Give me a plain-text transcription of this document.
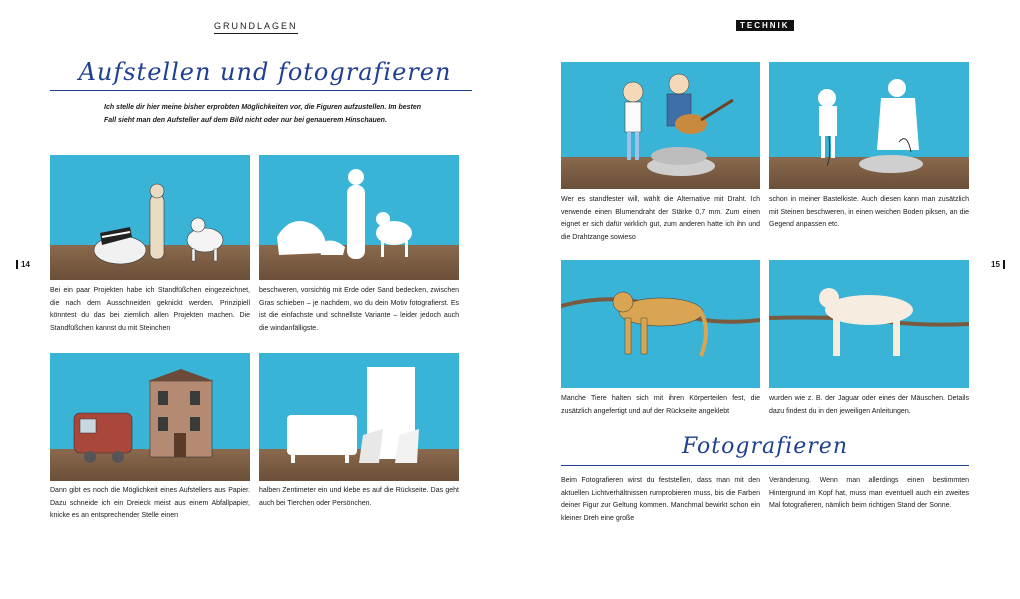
GRUNDLAGEN	TECHNIK
14	15
Aufstellen und fotografieren
Ich stelle dir hier meine bisher erprobten Möglichkeiten vor, die Figuren aufzustellen. Im besten Fall sieht man den Aufsteller auf dem Bild nicht oder nur bei genauerem Hinschauen.
Bei ein paar Projekten habe ich Standfüßchen eingezeichnet, die nach dem Ausschneiden geknickt werden. Prinzipiell könntest du das bei ziemlich allen Projekten machen. Die Standfüßchen kannst du mit Steinchen
beschweren, vorsichtig mit Erde oder Sand bedecken, zwischen Gras schieben – je nachdem, wo du dein Motiv fotografierst. Es ist die einfachste und schnellste Variante – leider jedoch auch die windanfälligste.
Dann gibt es noch die Möglichkeit eines Aufstellers aus Papier. Dazu schneide ich ein Dreieck meist aus einem Abfallpapier, knicke es an entsprechender Stelle einen
halben Zentimeter ein und klebe es auf die Rückseite. Das geht auch bei Tierchen oder Persönchen.
Wer es standfester will, wählt die Alternative mit Draht. Ich verwende einen Blumendraht der Stärke 0,7 mm. Zum einen eignet er sich dafür wirklich gut, zum anderen hatte ich ihn und die Drahtzange sowieso
schon in meiner Bastelkiste. Auch diesen kann man zusätzlich mit Steinen beschweren, in einen weichen Boden piksen, an die Gegend anpassen etc.
Manche Tiere halten sich mit ihren Körperteilen fest, die zusätzlich angefertigt und auf der Rückseite angeklebt
wurden wie z. B. der Jaguar oder eines der Mäuschen. Details dazu findest du in den jeweiligen Anleitungen.
Fotografieren
Beim Fotografieren wirst du feststellen, dass man mit den aktuellen Lichtverhältnissen rumprobieren muss, bis die Farben deiner Figur zur Geltung kommen. Manchmal bewirkt schon ein kleiner Dreh eine große
Veränderung. Wenn man allerdings einen bestimmten Hintergrund im Kopf hat, muss man eventuell auch ein zweites Mal fotografieren, nämlich beim richtigen Stand der Sonne.
